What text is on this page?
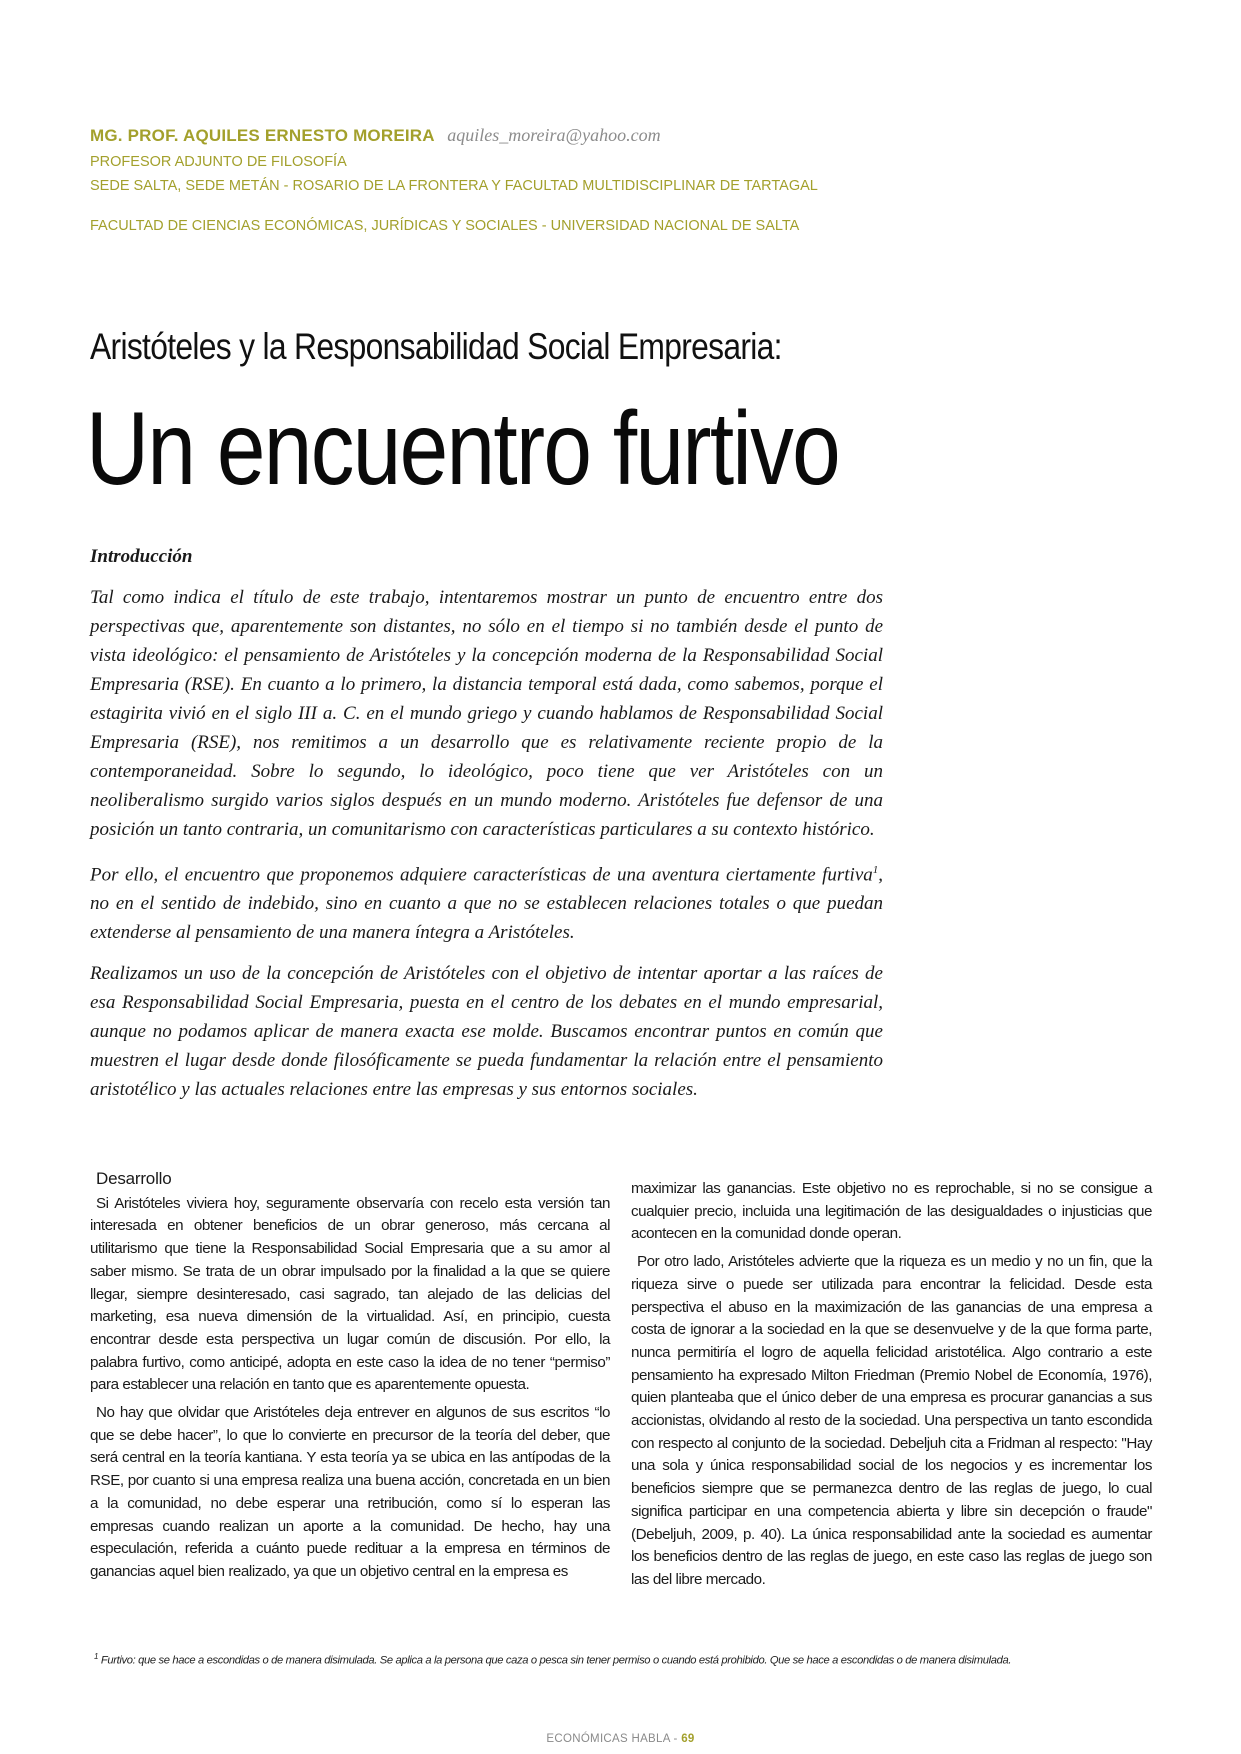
MG. PROF. AQUILES ERNESTO MOREIRA aquiles_moreira@yahoo.com

PROFESOR ADJUNTO DE FILOSOFÍA

SEDE SALTA, SEDE METÁN - ROSARIO DE LA FRONTERA Y FACULTAD MULTIDISCIPLINAR DE TARTAGAL

FACULTAD DE CIENCIAS ECONÓMICAS, JURÍDICAS Y SOCIALES - UNIVERSIDAD NACIONAL DE SALTA

Aristóteles y la Responsabilidad Social Empresaria:
Un encuentro furtivo
Introducción

Tal como indica el título de este trabajo, intentaremos mostrar un punto de encuentro entre dos perspectivas que, aparentemente son distantes, no sólo en el tiempo si no también desde el punto de vista ideológico: el pensamiento de Aristóteles y la concepción moderna de la Responsabilidad Social Empresaria (RSE). En cuanto a lo primero, la distancia temporal está dada, como sabemos, porque el estagirita vivió en el siglo III a. C. en el mundo griego y cuando hablamos de Responsabilidad Social Empresaria (RSE), nos remitimos a un desarrollo que es relativamente reciente propio de la contemporaneidad. Sobre lo segundo, lo ideológico, poco tiene que ver Aristóteles con un neoliberalismo surgido varios siglos después en un mundo moderno. Aristóteles fue defensor de una posición un tanto contraria, un comunitarismo con características particulares a su contexto histórico.

Por ello, el encuentro que proponemos adquiere características de una aventura ciertamente furtiva$^1$, no en el sentido de indebido, sino en cuanto a que no se establecen relaciones totales o que puedan extenderse al pensamiento de una manera íntegra a Aristóteles.

Realizamos un uso de la concepción de Aristóteles con el objetivo de intentar aportar a las raíces de esa Responsabilidad Social Empresaria, puesta en el centro de los debates en el mundo empresarial, aunque no podamos aplicar de manera exacta ese molde. Buscamos encontrar puntos en común que muestren el lugar desde donde filosóficamente se pueda fundamentar la relación entre el pensamiento aristotélico y las actuales relaciones entre las empresas y sus entornos sociales.

Desarrollo

Si Aristóteles viviera hoy, seguramente observaría con recelo esta versión tan interesada en obtener beneficios de un obrar generoso, más cercana al utilitarismo que tiene la Responsabilidad Social Empresaria que a su amor al saber mismo. Se trata de un obrar impulsado por la finalidad a la que se quiere llegar, siempre desinteresado, casi sagrado, tan alejado de las delicias del marketing, esa nueva dimensión de la virtualidad. Así, en principio, cuesta encontrar desde esta perspectiva un lugar común de discusión. Por ello, la palabra furtivo, como anticipé, adopta en este caso la idea de no tener “permiso” para establecer una relación en tanto que es aparentemente opuesta.

No hay que olvidar que Aristóteles deja entrever en algunos de sus escritos “lo que se debe hacer”, lo que lo convierte en precursor de la teoría del deber, que será central en la teoría kantiana. Y esta teoría ya se ubica en las antípodas de la RSE, por cuanto si una empresa realiza una buena acción, concretada en un bien a la comunidad, no debe esperar una retribución, como sí lo esperan las empresas cuando realizan un aporte a la comunidad. De hecho, hay una especulación, referida a cuánto puede redituar a la empresa en términos de ganancias aquel bien realizado, ya que un objetivo central en la empresa es

maximizar las ganancias. Este objetivo no es reprochable, si no se consigue a cualquier precio, incluida una legitimación de las desigualdades o injusticias que acontecen en la comunidad donde operan.

Por otro lado, Aristóteles advierte que la riqueza es un medio y no un fin, que la riqueza sirve o puede ser utilizada para encontrar la felicidad. Desde esta perspectiva el abuso en la maximización de las ganancias de una empresa a costa de ignorar a la sociedad en la que se desenvuelve y de la que forma parte, nunca permitiría el logro de aquella felicidad aristotélica. Algo contrario a este pensamiento ha expresado Milton Friedman (Premio Nobel de Economía, 1976), quien planteaba que el único deber de una empresa es procurar ganancias a sus accionistas, olvidando al resto de la sociedad. Una perspectiva un tanto escondida con respecto al conjunto de la sociedad. Debeljuh cita a Fridman al respecto: "Hay una sola y única responsabilidad social de los negocios y es incrementar los beneficios siempre que se permanezca dentro de las reglas de juego, lo cual significa participar en una competencia abierta y libre sin decepción o fraude" (Debeljuh, 2009, p. 40). La única responsabilidad ante la sociedad es aumentar los beneficios dentro de las reglas de juego, en este caso las reglas de juego son las del libre mercado.

$^1$ Furtivo: que se hace a escondidas o de manera disimulada. Se aplica a la persona que caza o pesca sin tener permiso o cuando está prohibido. Que se hace a escondidas o de manera disimulada.
ECONÓMICAS HABLA - 69
